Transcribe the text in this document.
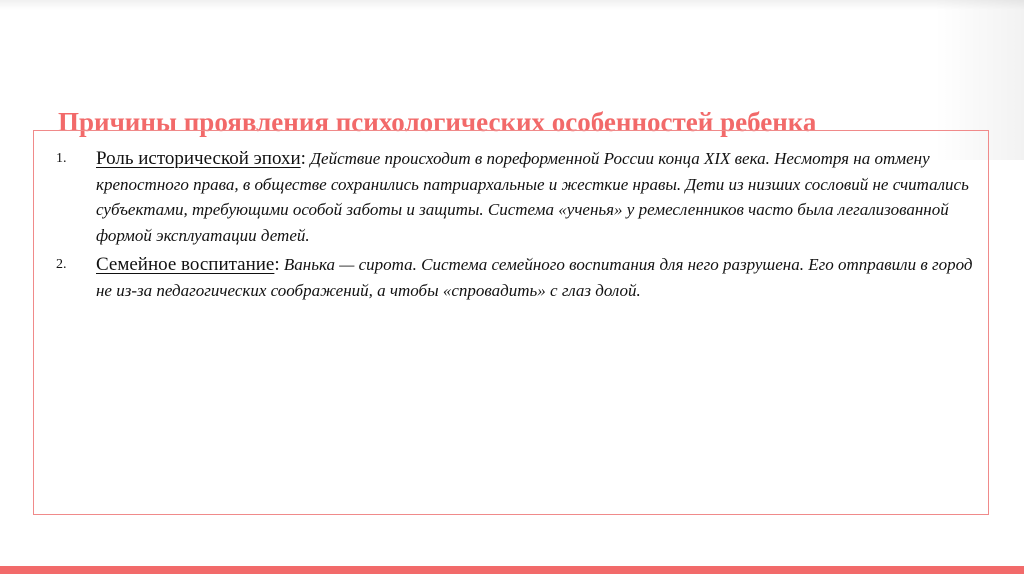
Причины проявления психологических особенностей ребенка
1. Роль исторической эпохи: Действие происходит в пореформенной России конца XIX века. Несмотря на отмену крепостного права, в обществе сохранились патриархальные и жесткие нравы. Дети из низших сословий не считались субъектами, требующими особой заботы и защиты. Система «ученья» у ремесленников часто была легализованной формой эксплуатации детей.
2. Семейное воспитание: Ванька — сирота. Система семейного воспитания для него разрушена. Его отправили в город не из-за педагогических соображений, а чтобы «спровадить» с глаз долой.
